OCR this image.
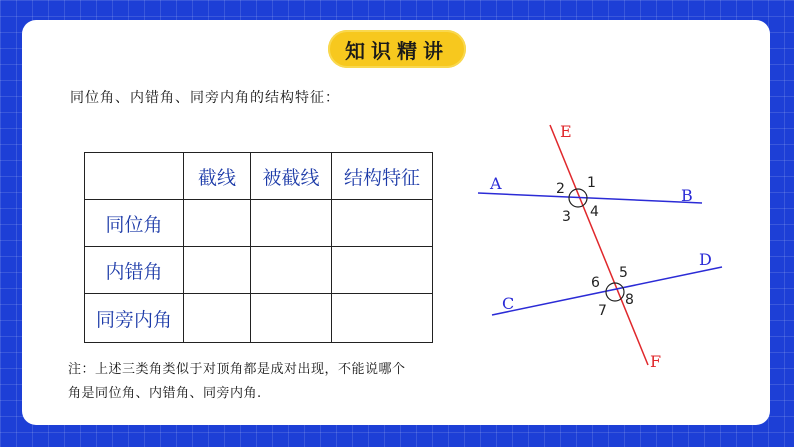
知识精讲
同位角、内错角、同旁内角的结构特征：
	截线	被截线	结构特征
同位角			
内错角			
同旁内角			
注：上述三类角类似于对顶角都是成对出现，不能说哪个
角是同位角、内错角、同旁内角.
E
F
A
B
C
D
1
2
3 4
5
6
7
8
